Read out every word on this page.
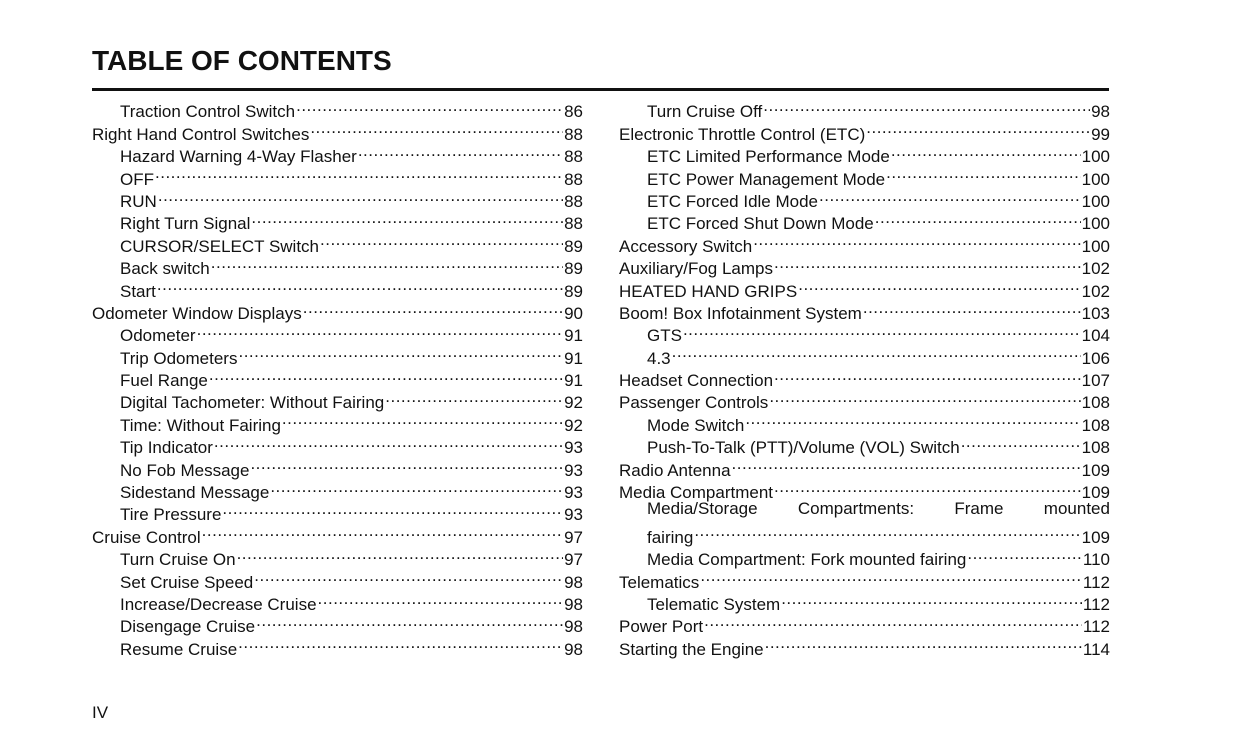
TABLE OF CONTENTS
Traction Control Switch .....	86
Right Hand Control Switches .....	88
Hazard Warning 4-Way Flasher .....	88
OFF .....	88
RUN .....	88
Right Turn Signal .....	88
CURSOR/SELECT Switch .....	89
Back switch .....	89
Start .....	89
Odometer Window Displays .....	90
Odometer .....	91
Trip Odometers .....	91
Fuel Range .....	91
Digital Tachometer: Without Fairing .....	92
Time: Without Fairing .....	92
Tip Indicator .....	93
No Fob Message .....	93
Sidestand Message .....	93
Tire Pressure .....	93
Cruise Control .....	97
Turn Cruise On .....	97
Set Cruise Speed .....	98
Increase/Decrease Cruise .....	98
Disengage Cruise .....	98
Resume Cruise .....	98
Turn Cruise Off .....	98
Electronic Throttle Control (ETC) .....	99
ETC Limited Performance Mode .....	100
ETC Power Management Mode .....	100
ETC Forced Idle Mode .....	100
ETC Forced Shut Down Mode .....	100
Accessory Switch .....	100
Auxiliary/Fog Lamps .....	102
HEATED HAND GRIPS .....	102
Boom! Box Infotainment System .....	103
GTS .....	104
4.3 .....	106
Headset Connection .....	107
Passenger Controls .....	108
Mode Switch .....	108
Push-To-Talk (PTT)/Volume (VOL) Switch .....	108
Radio Antenna .....	109
Media Compartment .....	109
Media/Storage Compartments: Frame mounted
fairing .....	109
Media Compartment: Fork mounted fairing .....	110
Telematics .....	112
Telematic System .....	112
Power Port .....	112
Starting the Engine .....	114
IV
